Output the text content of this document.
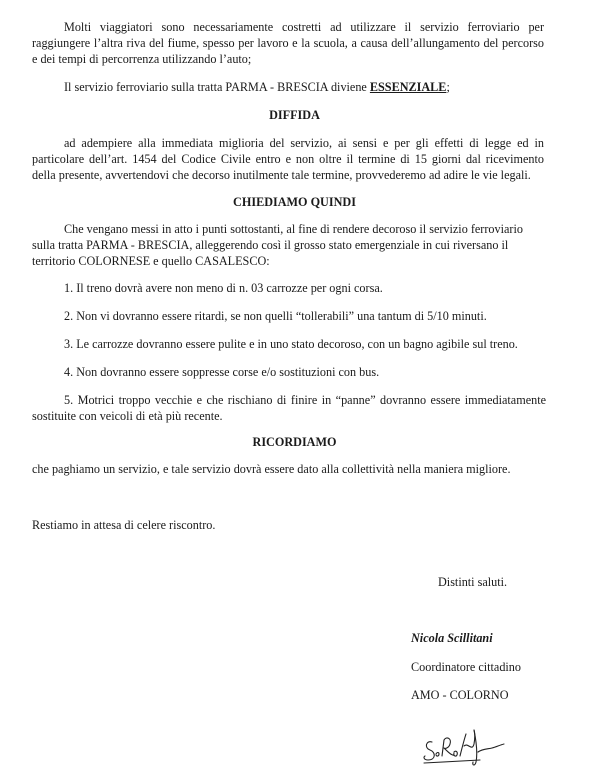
Molti viaggiatori sono necessariamente costretti ad utilizzare il servizio ferroviario per
raggiungere l’altra riva del fiume, spesso per lavoro e la scuola, a causa dell’allungamento del percorso
e dei tempi di percorrenza utilizzando l’auto;
Il servizio ferroviario sulla tratta PARMA - BRESCIA diviene ESSENZIALE;
DIFFIDA
ad adempiere alla immediata miglioria del servizio, ai sensi e per gli effetti di legge ed in
particolare dell’art. 1454 del Codice Civile entro e non oltre il termine di 15 giorni dal ricevimento
della presente, avvertendovi che decorso inutilmente tale termine, provvederemo ad adire le vie legali.
CHIEDIAMO QUINDI
Che vengano messi in atto i punti sottostanti, al fine di rendere decoroso il servizio ferroviario
sulla tratta PARMA - BRESCIA, alleggerendo così il grosso stato emergenziale in cui riversano il
territorio COLORNESE e quello CASALESCO:
1. Il treno dovrà avere non meno di n. 03 carrozze per ogni corsa.
2. Non vi dovranno essere ritardi, se non quelli “tollerabili” una tantum di 5/10 minuti.
3. Le carrozze dovranno essere pulite e in uno stato decoroso, con un bagno agibile sul treno.
4. Non dovranno essere soppresse corse e/o sostituzioni con bus.
5. Motrici troppo vecchie e che rischiano di finire in “panne” dovranno essere immediatamente
sostituite con veicoli di età più recente.
RICORDIAMO
che paghiamo un servizio, e tale servizio dovrà essere dato alla collettività nella maniera migliore.
Restiamo in attesa di celere riscontro.
Distinti saluti.
Nicola Scillitani
Coordinatore cittadino
AMO - COLORNO
